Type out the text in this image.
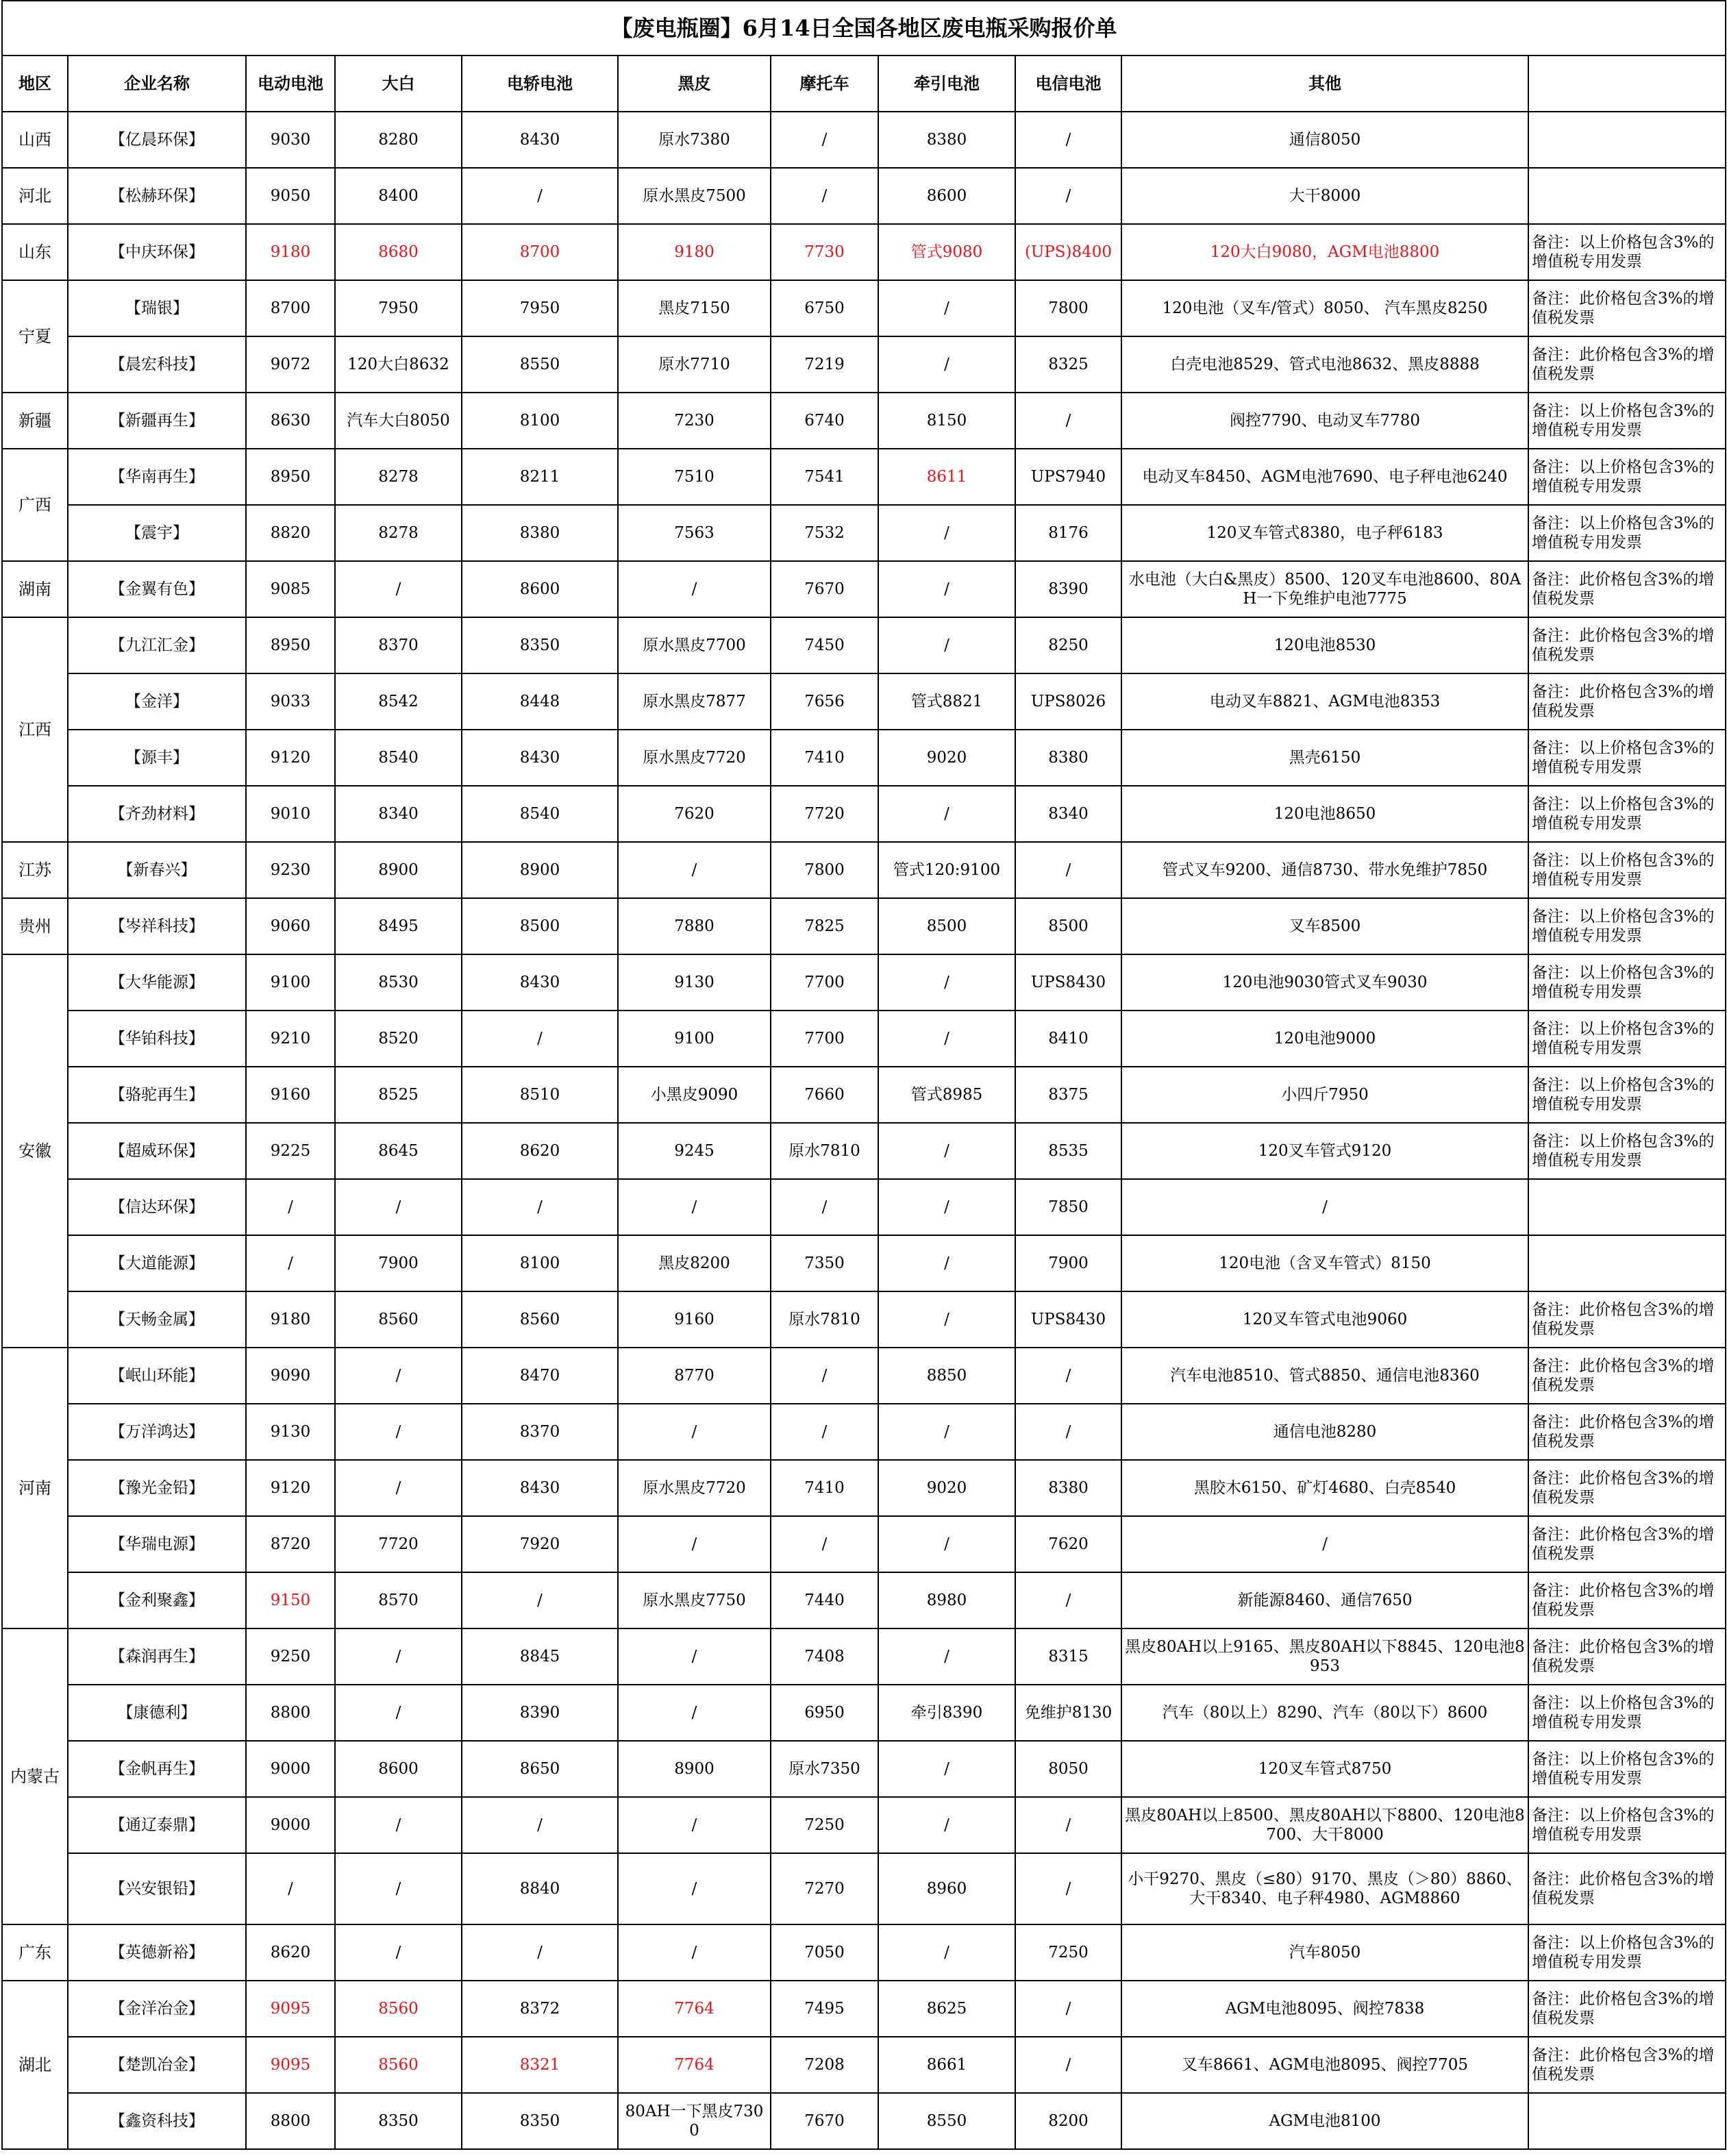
【废电瓶圈】6月14日全国各地区废电瓶采购报价单										
地区	企业名称	电动电池	大白	电轿电池	黑皮	摩托车	牵引电池	电信电池	其他	
山西	【亿晨环保】	9030	8280	8430	原水7380	/	8380	/	通信8050	
河北	【松赫环保】	9050	8400	/	原水黑皮7500	/	8600	/	大干8000	
山东	【中庆环保】	9180	8680	8700	9180	7730	管式9080	(UPS)8400	120大白9080，AGM电池8800	备注：以上价格包含3%的增值税专用发票
宁夏	【瑞银】	8700	7950	7950	黑皮7150	6750	/	7800	120电池（叉车/管式）8050、 汽车黑皮8250	备注：此价格包含3%的增值税发票
	【晨宏科技】	9072	120大白8632	8550	原水7710	7219	/	8325	白壳电池8529、管式电池8632、黑皮8888	备注：此价格包含3%的增值税发票
新疆	【新疆再生】	8630	汽车大白8050	8100	7230	6740	8150	/	阀控7790、电动叉车7780	备注：以上价格包含3%的增值税专用发票
广西	【华南再生】	8950	8278	8211	7510	7541	8611	UPS7940	电动叉车8450、AGM电池7690、电子秤电池6240	备注：以上价格包含3%的增值税专用发票
	【震宇】	8820	8278	8380	7563	7532	/	8176	120叉车管式8380，电子秤6183	备注：以上价格包含3%的增值税专用发票
湖南	【金翼有色】	9085	/	8600	/	7670	/	8390	水电池（大白&黑皮）8500、120叉车电池8600、80AH一下免维护电池7775	备注：此价格包含3%的增值税发票
江西	【九江汇金】	8950	8370	8350	原水黑皮7700	7450	/	8250	120电池8530	备注：此价格包含3%的增值税发票
	【金洋】	9033	8542	8448	原水黑皮7877	7656	管式8821	UPS8026	电动叉车8821、AGM电池8353	备注：此价格包含3%的增值税发票
	【源丰】	9120	8540	8430	原水黑皮7720	7410	9020	8380	黑壳6150	备注：以上价格包含3%的增值税专用发票
	【齐劲材料】	9010	8340	8540	7620	7720	/	8340	120电池8650	备注：以上价格包含3%的增值税专用发票
江苏	【新春兴】	9230	8900	8900	/	7800	管式120:9100	/	管式叉车9200、通信8730、带水免维护7850	备注：以上价格包含3%的增值税专用发票
贵州	【岑祥科技】	9060	8495	8500	7880	7825	8500	8500	叉车8500	备注：以上价格包含3%的增值税专用发票
安徽	【大华能源】	9100	8530	8430	9130	7700	/	UPS8430	120电池9030管式叉车9030	备注：以上价格包含3%的增值税专用发票
	【华铂科技】	9210	8520	/	9100	7700	/	8410	120电池9000	备注：以上价格包含3%的增值税专用发票
	【骆驼再生】	9160	8525	8510	小黑皮9090	7660	管式8985	8375	小四斤7950	备注：以上价格包含3%的增值税专用发票
	【超威环保】	9225	8645	8620	9245	原水7810	/	8535	120叉车管式9120	备注：以上价格包含3%的增值税专用发票
	【信达环保】	/	/	/	/	/	/	7850	/	
	【大道能源】	/	7900	8100	黑皮8200	7350	/	7900	120电池（含叉车管式）8150	
	【天畅金属】	9180	8560	8560	9160	原水7810	/	UPS8430	120叉车管式电池9060	备注：此价格包含3%的增值税发票
河南	【岷山环能】	9090	/	8470	8770	/	8850	/	汽车电池8510、管式8850、通信电池8360	备注：此价格包含3%的增值税发票
	【万洋鸿达】	9130	/	8370	/	/	/	/	通信电池8280	备注：此价格包含3%的增值税发票
	【豫光金铅】	9120	/	8430	原水黑皮7720	7410	9020	8380	黑胶木6150、矿灯4680、白壳8540	备注：此价格包含3%的增值税发票
	【华瑞电源】	8720	7720	7920	/	/	/	7620	/	备注：此价格包含3%的增值税发票
	【金利聚鑫】	9150	8570	/	原水黑皮7750	7440	8980	/	新能源8460、通信7650	备注：此价格包含3%的增值税发票
内蒙古	【森润再生】	9250	/	8845	/	7408	/	8315	黑皮80AH以上9165、黑皮80AH以下8845、120电池8953	备注：此价格包含3%的增值税发票
	【康德利】	8800	/	8390	/	6950	牵引8390	免维护8130	汽车（80以上）8290、汽车（80以下）8600	备注：以上价格包含3%的增值税专用发票
	【金帆再生】	9000	8600	8650	8900	原水7350	/	8050	120叉车管式8750	备注：以上价格包含3%的增值税专用发票
	【通辽泰鼎】	9000	/	/	/	7250	/	/	黑皮80AH以上8500、黑皮80AH以下8800、120电池8700、大干8000	备注：以上价格包含3%的增值税专用发票
	【兴安银铅】	/	/	8840	/	7270	8960	/	小干9270、黑皮（≤80）9170、黑皮（＞80）8860、大干8340、电子秤4980、AGM8860	备注：此价格包含3%的增值税发票
广东	【英德新裕】	8620	/	/	/	7050	/	7250	汽车8050	备注：以上价格包含3%的增值税专用发票
湖北	【金洋冶金】	9095	8560	8372	7764	7495	8625	/	AGM电池8095、阀控7838	备注：此价格包含3%的增值税发票
	【楚凯冶金】	9095	8560	8321	7764	7208	8661	/	叉车8661、AGM电池8095、阀控7705	备注：此价格包含3%的增值税发票
	【鑫资科技】	8800	8350	8350	80AH一下黑皮7300	7670	8550	8200	AGM电池8100	
